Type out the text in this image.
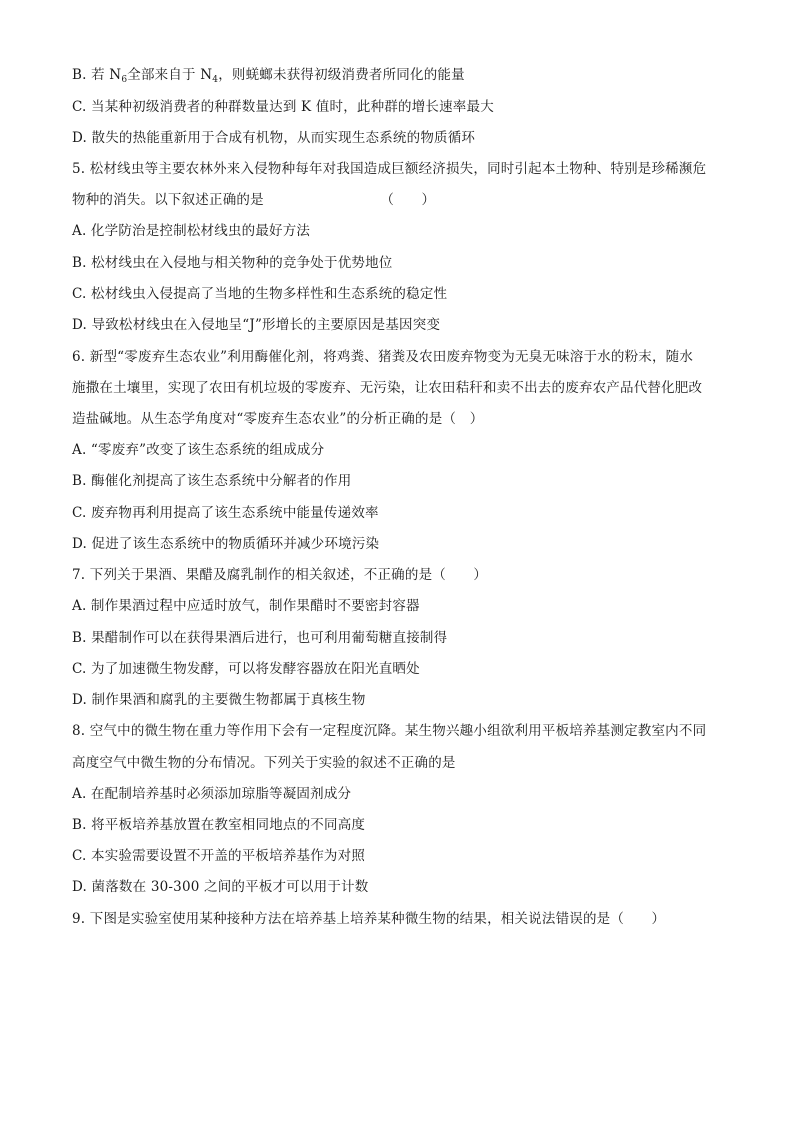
B. 若 $N_6$全部来自于 $N_4$，则蜣螂未获得初级消费者所同化的能量
C. 当某种初级消费者的种群数量达到 K 值时，此种群的增长速率最大
D. 散失的热能重新用于合成有机物，从而实现生态系统的物质循环
5. 松材线虫等主要农林外来入侵物种每年对我国造成巨额经济损失，同时引起本土物种、特别是珍稀濒危
物种的消失。以下叙述正确的是　　　　　　　　　（　　）
A. 化学防治是控制松材线虫的最好方法
B. 松材线虫在入侵地与相关物种的竞争处于优势地位
C. 松材线虫入侵提高了当地的生物多样性和生态系统的稳定性
D. 导致松材线虫在入侵地呈“J”形增长的主要原因是基因突变
6. 新型“零废弃生态农业”利用酶催化剂，将鸡粪、猪粪及农田废弃物变为无臭无味溶于水的粉末，随水
施撒在土壤里，实现了农田有机垃圾的零废弃、无污染，让农田秸秆和卖不出去的废弃农产品代替化肥改
造盐碱地。从生态学角度对“零废弃生态农业”的分析正确的是（　）
A. “零废弃”改变了该生态系统的组成成分
B. 酶催化剂提高了该生态系统中分解者的作用
C. 废弃物再利用提高了该生态系统中能量传递效率
D. 促进了该生态系统中的物质循环并减少环境污染
7. 下列关于果酒、果醋及腐乳制作的相关叙述，不正确的是（　　）
A. 制作果酒过程中应适时放气，制作果醋时不要密封容器
B. 果醋制作可以在获得果酒后进行，也可利用葡萄糖直接制得
C. 为了加速微生物发酵，可以将发酵容器放在阳光直晒处
D. 制作果酒和腐乳的主要微生物都属于真核生物
8. 空气中的微生物在重力等作用下会有一定程度沉降。某生物兴趣小组欲利用平板培养基测定教室内不同
高度空气中微生物的分布情况。下列关于实验的叙述不正确的是
A. 在配制培养基时必须添加琼脂等凝固剂成分
B. 将平板培养基放置在教室相同地点的不同高度
C. 本实验需要设置不开盖的平板培养基作为对照
D. 菌落数在 30-300 之间的平板才可以用于计数
9. 下图是实验室使用某种接种方法在培养基上培养某种微生物的结果，相关说法错误的是（　　）
